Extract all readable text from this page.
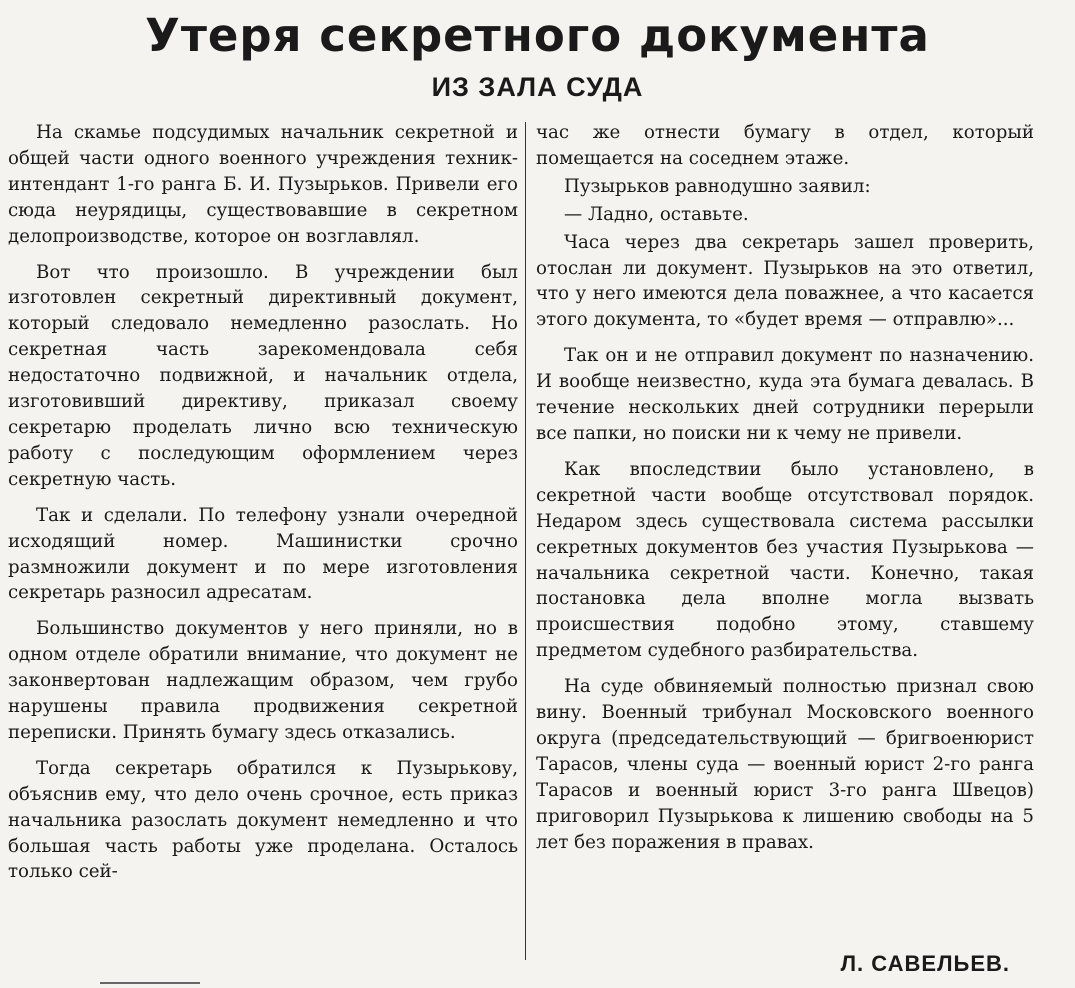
Утеря секретного документа
ИЗ ЗАЛА СУДА

На скамье подсудимых начальник секретной и общей части одного военного учреждения техник-интендант 1-го ранга Б. И. Пузырьков. Привели его сюда неурядицы, существовавшие в секретном делопроизводстве, которое он возглавлял.

Вот что произошло. В учреждении был изготовлен секретный директивный документ, который следовало немедленно разослать. Но секретная часть зарекомендовала себя недостаточно подвижной, и начальник отдела, изготовивший директиву, приказал своему секретарю проделать лично всю техническую работу с последующим оформлением через секретную часть.

Так и сделали. По телефону узнали очередной исходящий номер. Машинистки срочно размножили документ и по мере изготовления секретарь разносил адресатам.

Большинство документов у него приняли, но в одном отделе обратили внимание, что документ не законвертован надлежащим образом, чем грубо нарушены правила продвижения секретной переписки. Принять бумагу здесь отказались.

Тогда секретарь обратился к Пузырькову, объяснив ему, что дело очень срочное, есть приказ начальника разослать документ немедленно и что большая часть работы уже проделана. Осталось только сей-

час же отнести бумагу в отдел, который помещается на соседнем этаже.

Пузырьков равнодушно заявил:

— Ладно, оставьте.

Часа через два секретарь зашел проверить, отослан ли документ. Пузырьков на это ответил, что у него имеются дела поважнее, а что касается этого документа, то «будет время — отправлю»...

Так он и не отправил документ по назначению. И вообще неизвестно, куда эта бумага девалась. В течение нескольких дней сотрудники перерыли все папки, но поиски ни к чему не привели.

Как впоследствии было установлено, в секретной части вообще отсутствовал порядок. Недаром здесь существовала система рассылки секретных документов без участия Пузырькова — начальника секретной части. Конечно, такая постановка дела вполне могла вызвать происшествия подобно этому, ставшему предметом судебного разбирательства.

На суде обвиняемый полностью признал свою вину. Военный трибунал Московского военного округа (председательствующий — бригвоенюрист Тарасов, члены суда — военный юрист 2-го ранга Тарасов и военный юрист 3-го ранга Швецов) приговорил Пузырькова к лишению свободы на 5 лет без поражения в правах.

Л. САВЕЛЬЕВ.
